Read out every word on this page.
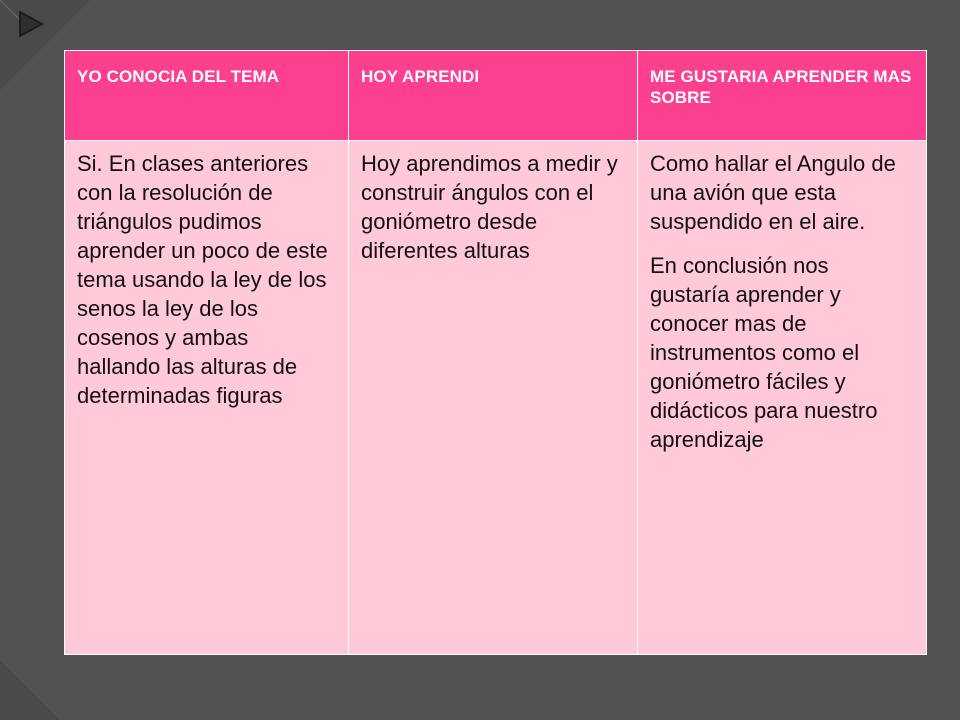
YO CONOCIA DEL TEMA	HOY APRENDI	ME GUSTARIA APRENDER MAS SOBRE

Si. En clases anteriores con la resolución de triángulos pudimos aprender un poco de este tema usando la ley de los senos la ley de los cosenos y ambas hallando las alturas de determinadas figuras	Hoy aprendimos a medir y construir ángulos con el goniómetro desde diferentes alturas	Como hallar el Angulo de una avión que esta suspendido en el aire.

En conclusión nos gustaría aprender y conocer mas de instrumentos como el goniómetro fáciles y didácticos para nuestro aprendizaje
